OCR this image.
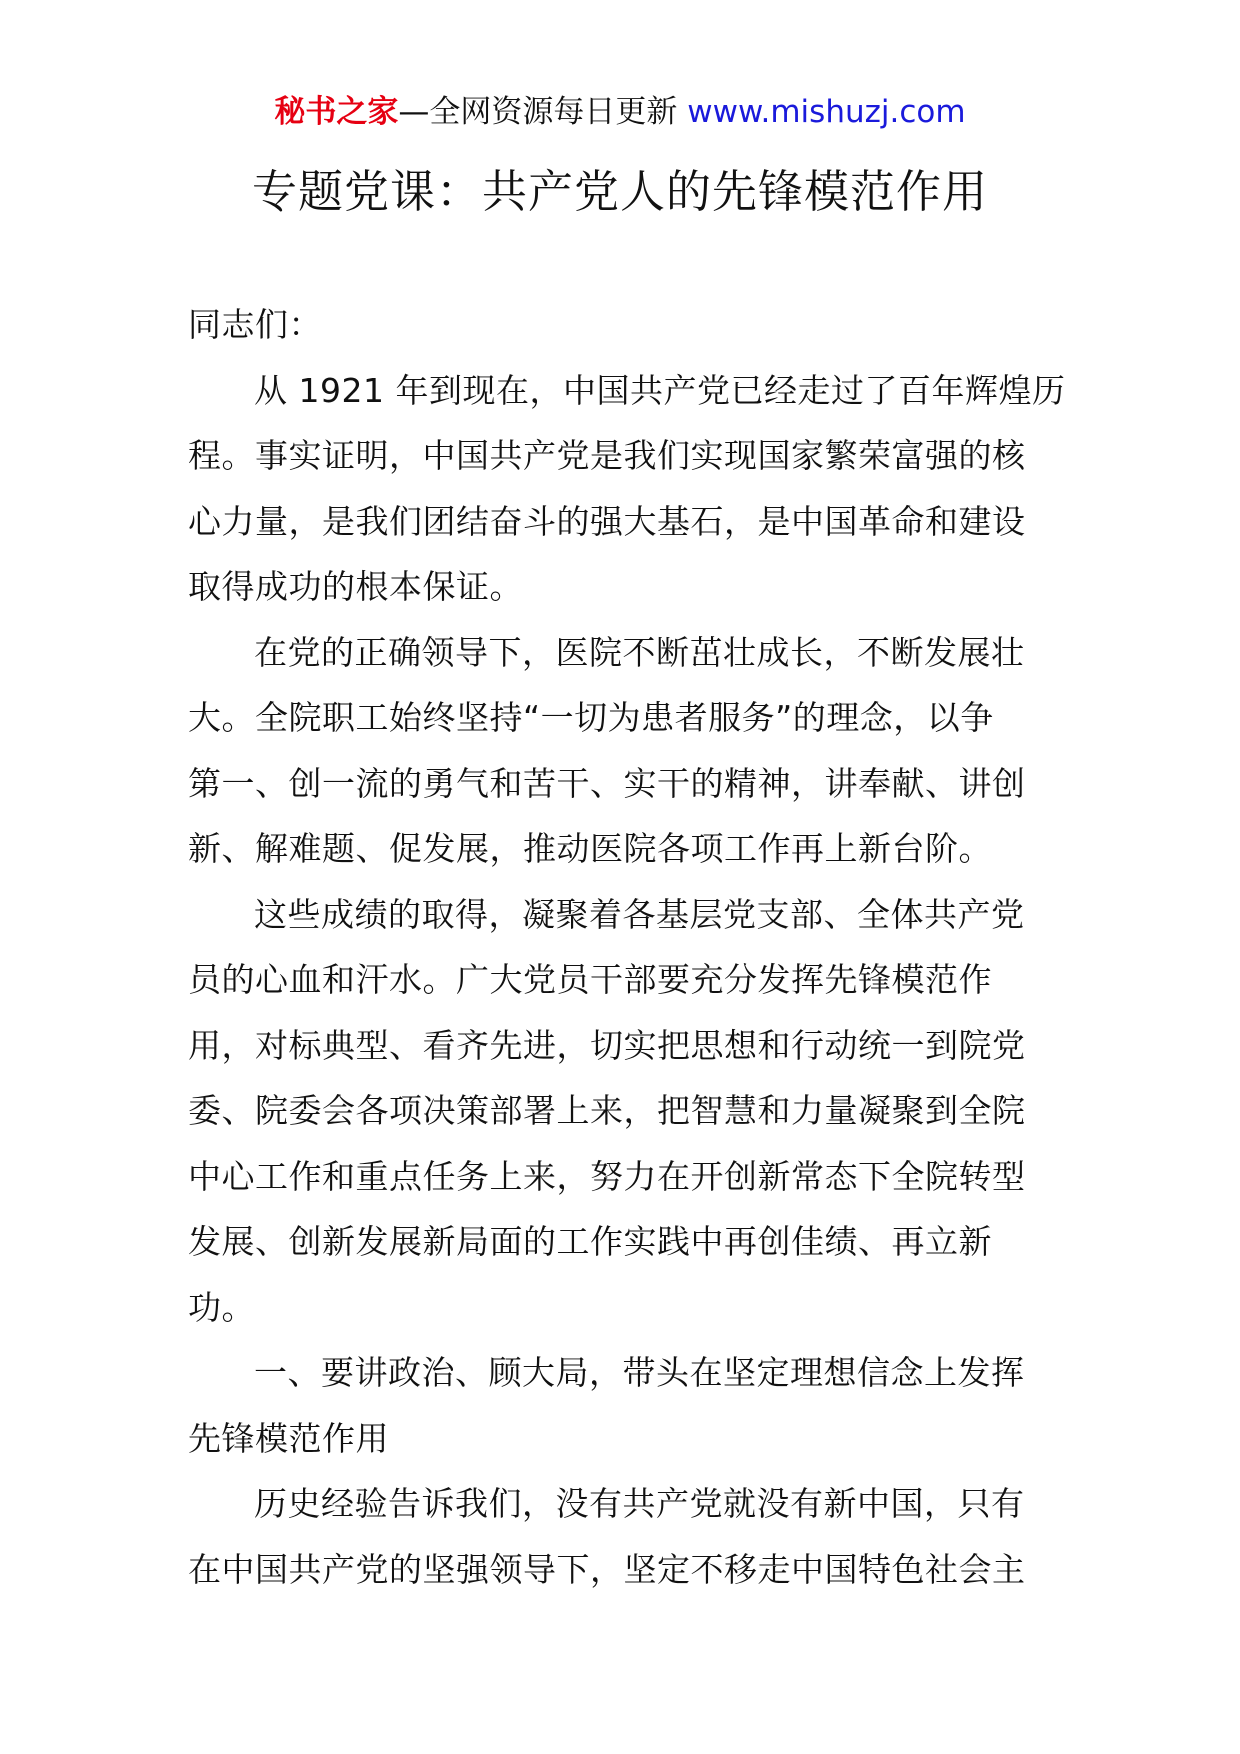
秘书之家—全网资源每日更新 www.mishuzj.com
专题党课：共产党人的先锋模范作用
同志们：
从 1921 年到现在，中国共产党已经走过了百年辉煌历
程。事实证明，中国共产党是我们实现国家繁荣富强的核
心力量，是我们团结奋斗的强大基石，是中国革命和建设
取得成功的根本保证。
在党的正确领导下，医院不断茁壮成长，不断发展壮
大。全院职工始终坚持“一切为患者服务”的理念，以争
第一、创一流的勇气和苦干、实干的精神，讲奉献、讲创
新、解难题、促发展，推动医院各项工作再上新台阶。
这些成绩的取得，凝聚着各基层党支部、全体共产党
员的心血和汗水。广大党员干部要充分发挥先锋模范作
用，对标典型、看齐先进，切实把思想和行动统一到院党
委、院委会各项决策部署上来，把智慧和力量凝聚到全院
中心工作和重点任务上来，努力在开创新常态下全院转型
发展、创新发展新局面的工作实践中再创佳绩、再立新
功。
一、要讲政治、顾大局，带头在坚定理想信念上发挥
先锋模范作用
历史经验告诉我们，没有共产党就没有新中国，只有
在中国共产党的坚强领导下，坚定不移走中国特色社会主
